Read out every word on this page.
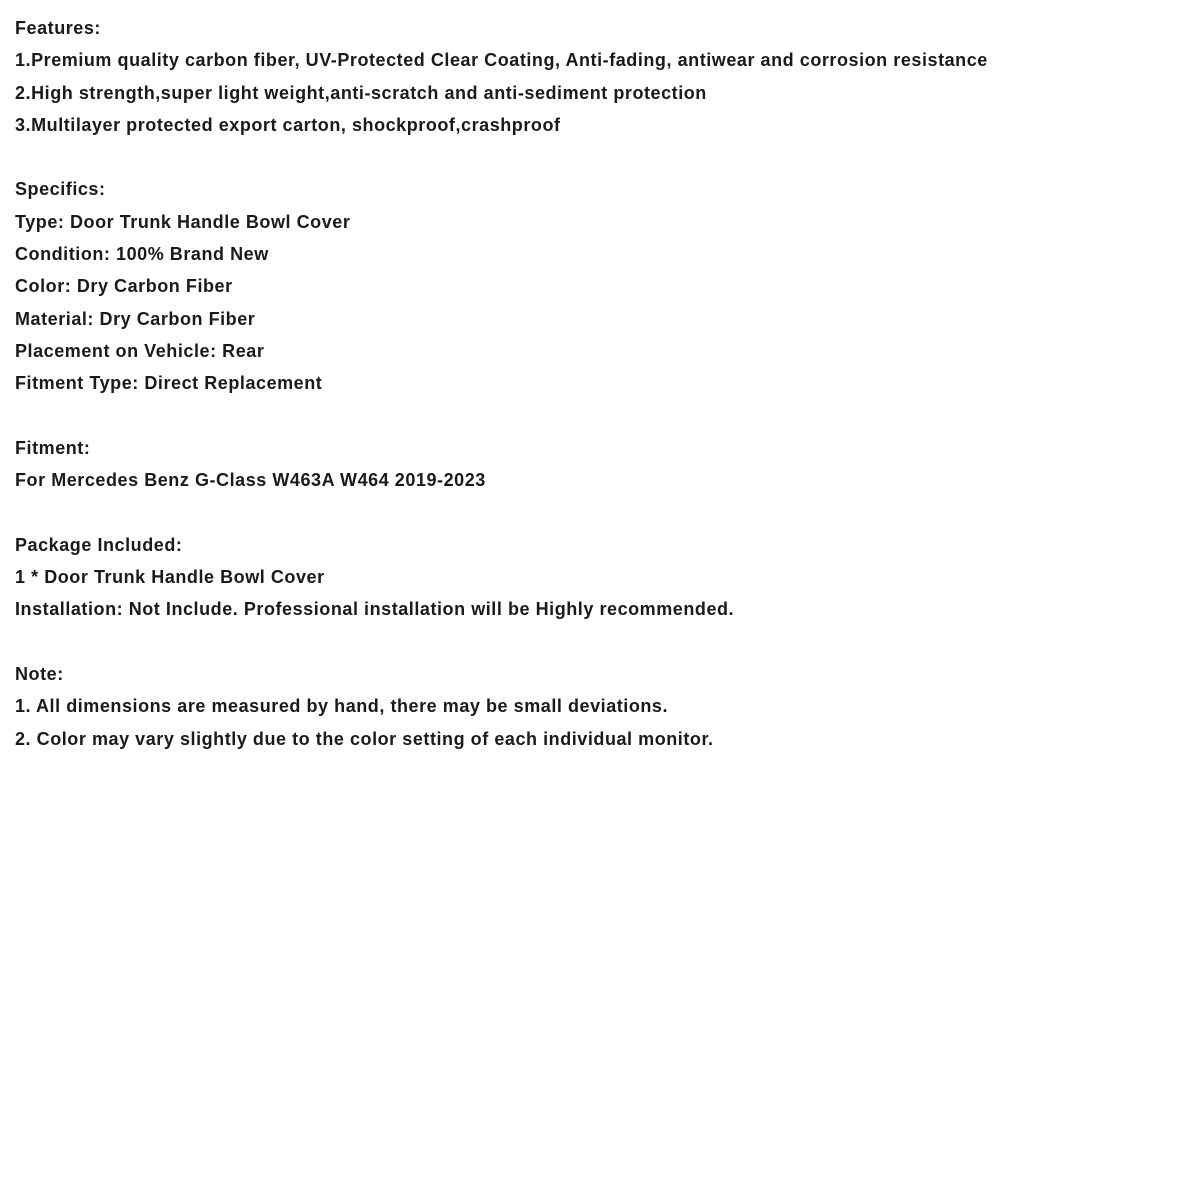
Features:
1.Premium quality carbon fiber, UV-Protected Clear Coating, Anti-fading, antiwear and corrosion resistance
2.High strength,super light weight,anti-scratch and anti-sediment protection
3.Multilayer protected export carton, shockproof,crashproof
Specifics:
Type: Door Trunk Handle Bowl Cover
Condition: 100% Brand New
Color: Dry Carbon Fiber
Material: Dry Carbon Fiber
Placement on Vehicle: Rear
Fitment Type: Direct Replacement
Fitment:
For Mercedes Benz G-Class W463A W464 2019-2023
Package Included:
1 * Door Trunk Handle Bowl Cover
Installation: Not Include. Professional installation will be Highly recommended.
Note:
1. All dimensions are measured by hand, there may be small deviations.
2. Color may vary slightly due to the color setting of each individual monitor.
